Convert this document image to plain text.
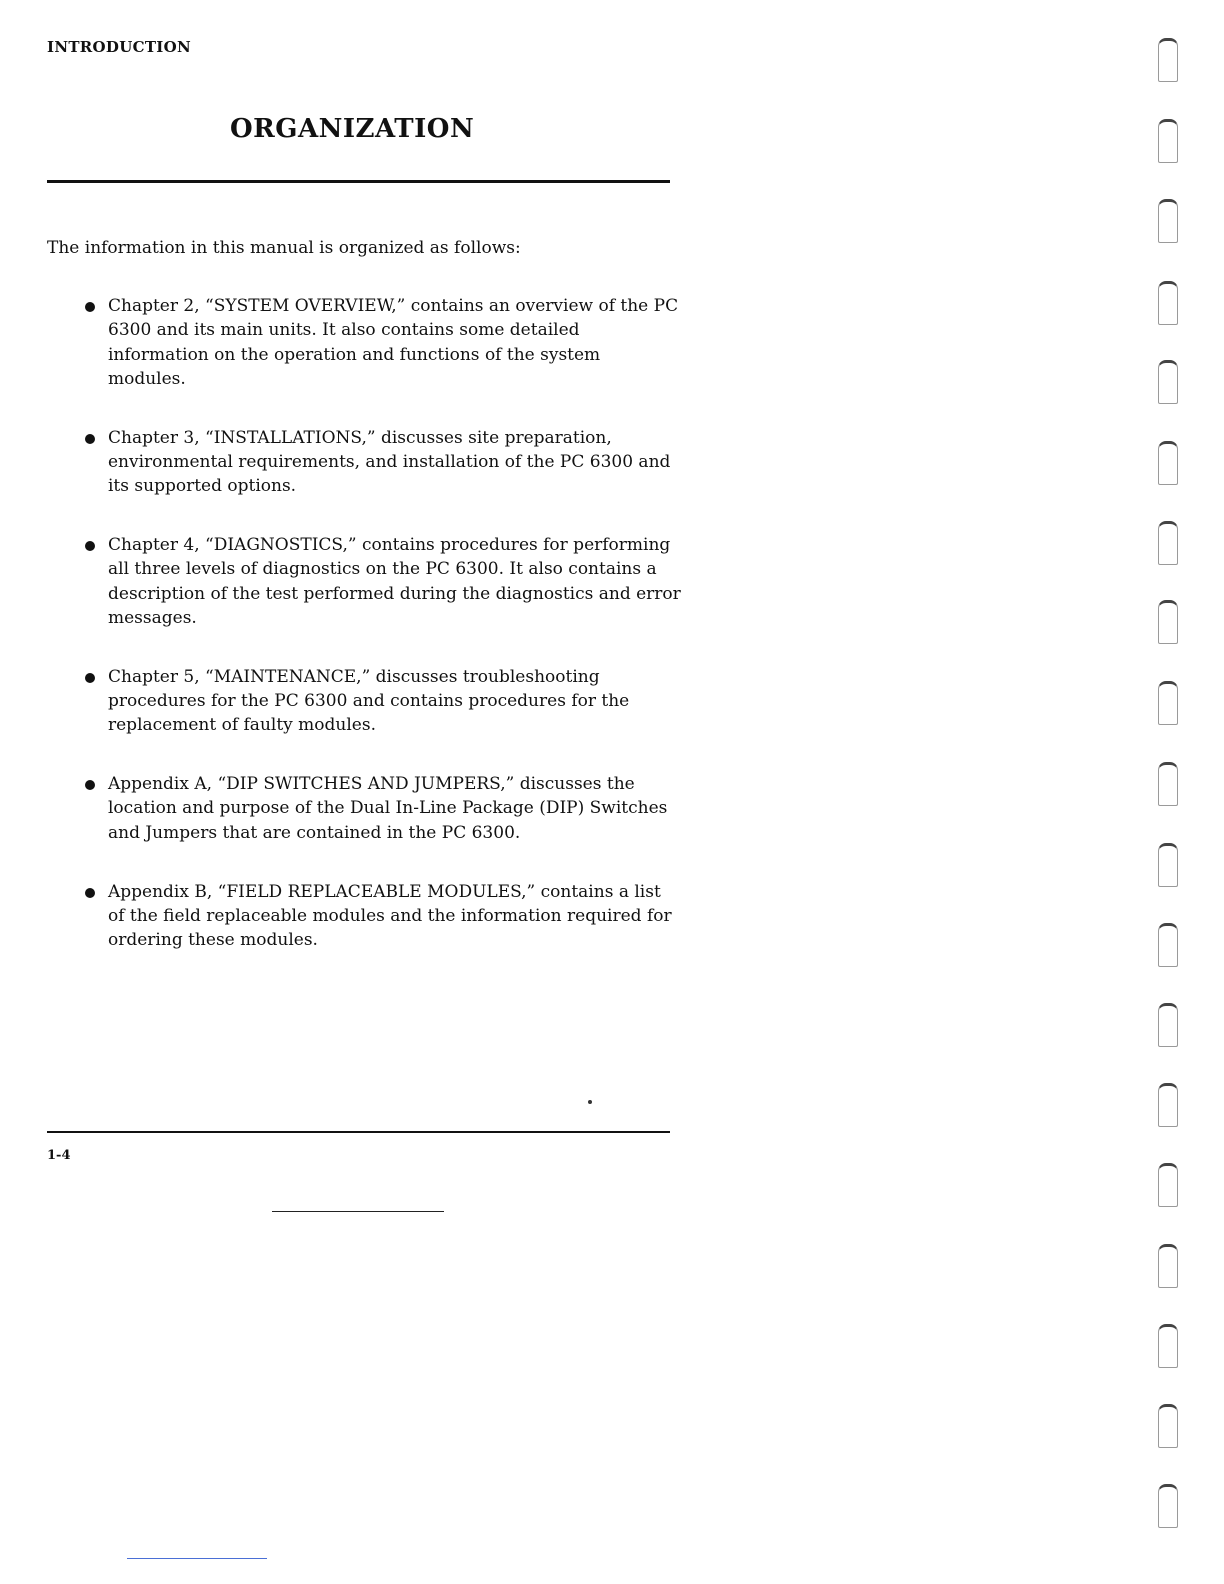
INTRODUCTION
ORGANIZATION
The information in this manual is organized as follows:
Chapter 2, “SYSTEM OVERVIEW,” contains an overview of the PC 6300 and its main units. It also contains some detailed information on the operation and functions of the system modules.
Chapter 3, “INSTALLATIONS,” discusses site preparation, environmental requirements, and installation of the PC 6300 and its supported options.
Chapter 4, “DIAGNOSTICS,” contains procedures for performing all three levels of diagnostics on the PC 6300. It also contains a description of the test performed during the diagnostics and error messages.
Chapter 5, “MAINTENANCE,” discusses troubleshooting procedures for the PC 6300 and contains procedures for the replacement of faulty modules.
Appendix A, “DIP SWITCHES AND JUMPERS,” discusses the location and purpose of the Dual In-Line Package (DIP) Switches and Jumpers that are contained in the PC 6300.
Appendix B, “FIELD REPLACEABLE MODULES,” contains a list of the field replaceable modules and the information required for ordering these modules.
1-4
